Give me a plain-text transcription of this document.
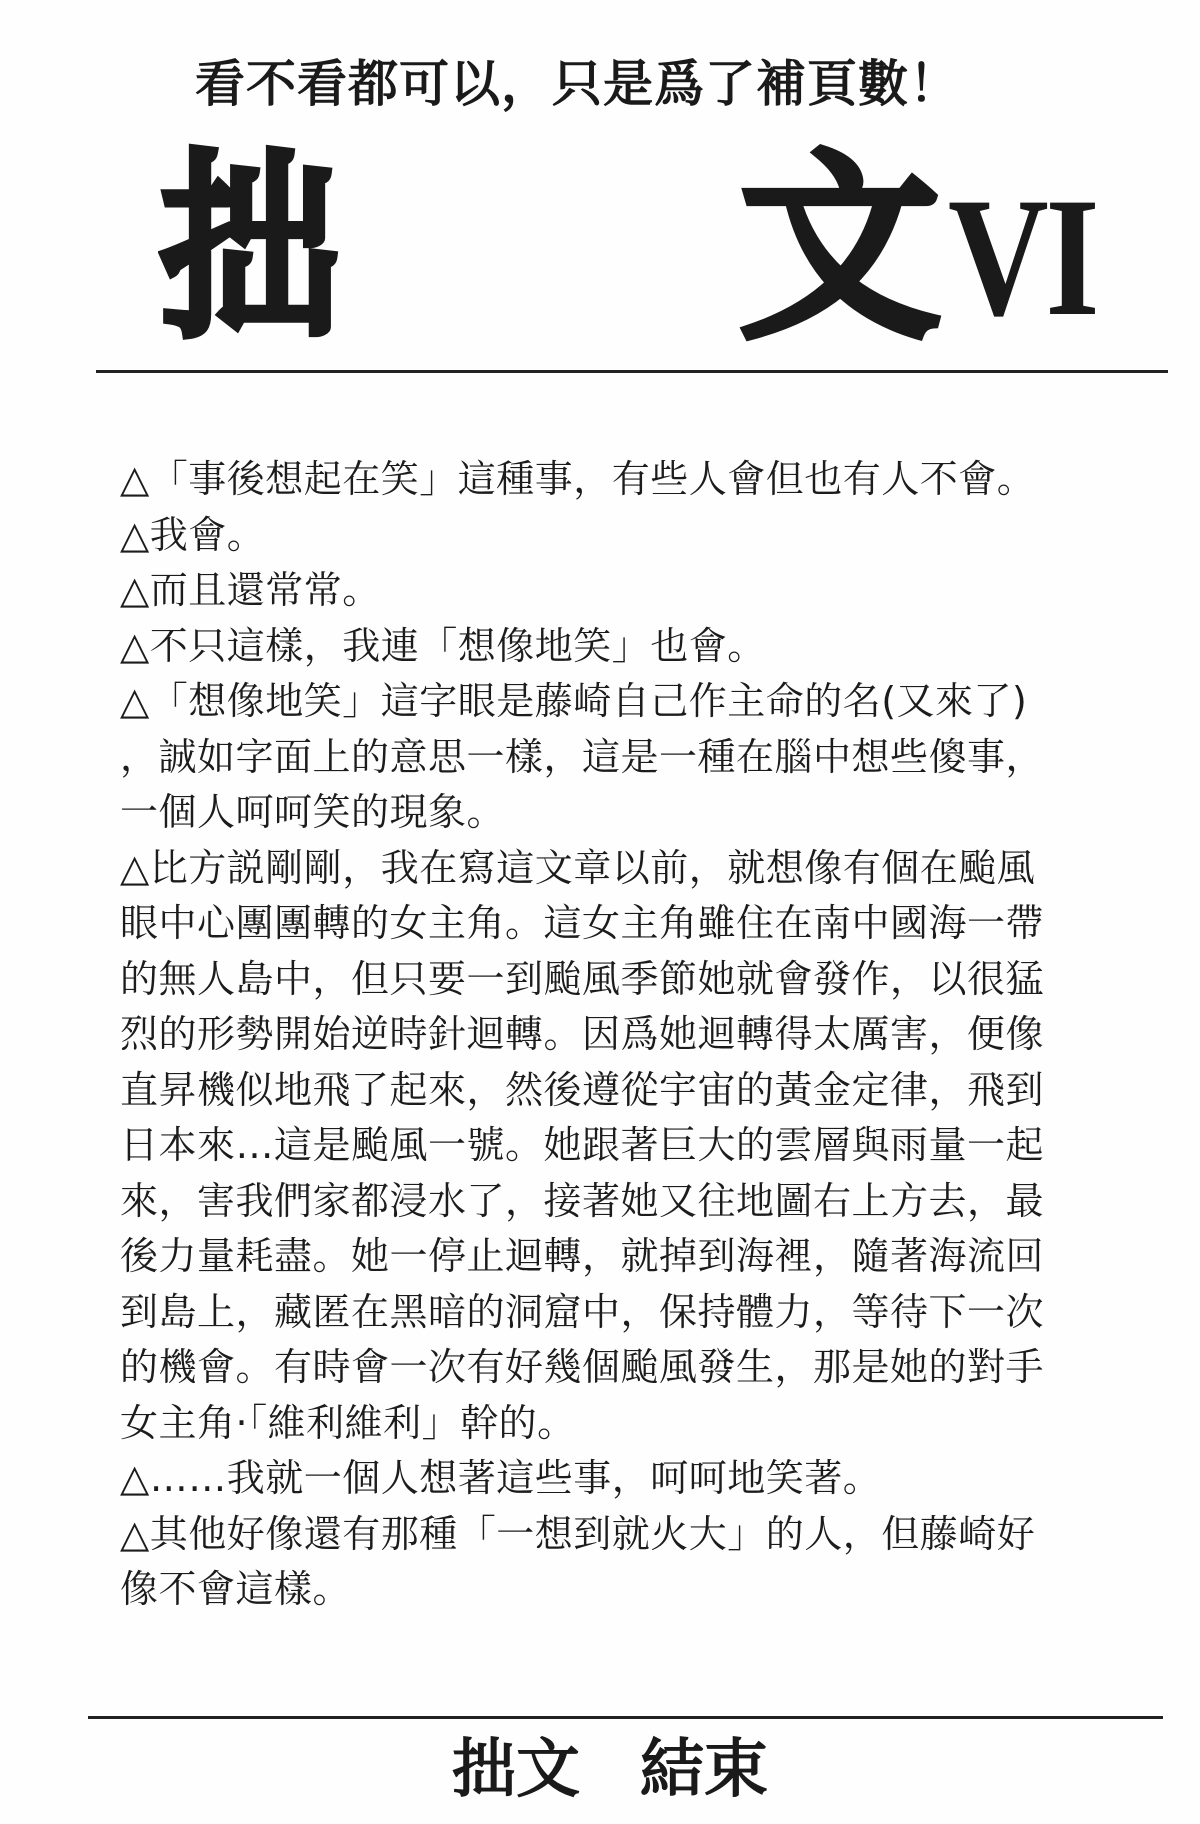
看不看都可以，只是爲了補頁數！
拙 文 VI
△「事後想起在笑」這種事，有些人會但也有人不會。
△我會。
△而且還常常。
△不只這樣，我連「想像地笑」也會。
△「想像地笑」這字眼是藤崎自己作主命的名(又來了)
，誠如字面上的意思一樣，這是一種在腦中想些傻事，
一個人呵呵笑的現象。
△比方説剛剛，我在寫這文章以前，就想像有個在颱風
眼中心團團轉的女主角。這女主角雖住在南中國海一帶
的無人島中，但只要一到颱風季節她就會發作，以很猛
烈的形勢開始逆時針迴轉。因爲她迴轉得太厲害，便像
直昇機似地飛了起來，然後遵從宇宙的黃金定律，飛到
日本來…這是颱風一號。她跟著巨大的雲層與雨量一起
來，害我們家都浸水了，接著她又往地圖右上方去，最
後力量耗盡。她一停止迴轉，就掉到海裡，隨著海流回
到島上，藏匿在黑暗的洞窟中，保持體力，等待下一次
的機會。有時會一次有好幾個颱風發生，那是她的對手
女主角·「維利維利」幹的。
△……我就一個人想著這些事，呵呵地笑著。
△其他好像還有那種「一想到就火大」的人，但藤崎好
像不會這樣。
拙文 結束
